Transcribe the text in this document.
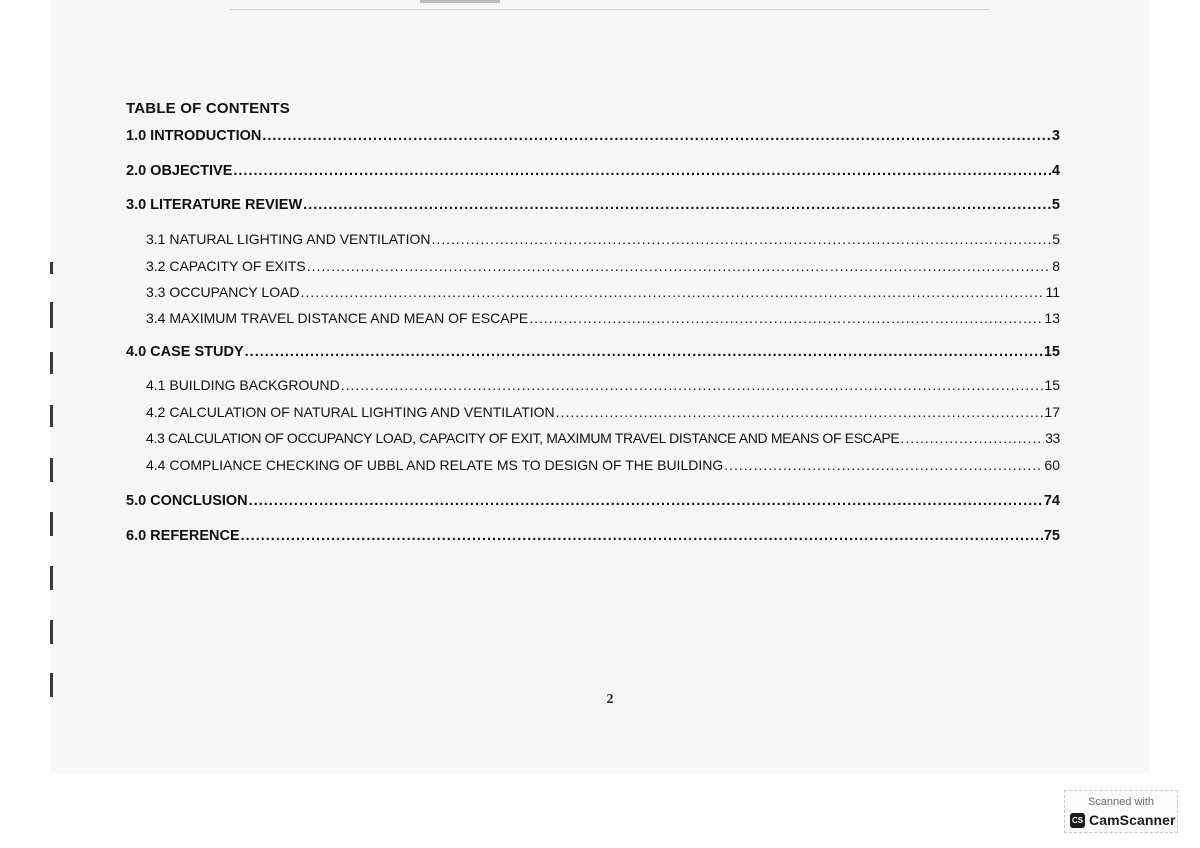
TABLE OF CONTENTS
1.0 INTRODUCTION .....	3
2.0 OBJECTIVE .....	4
3.0 LITERATURE REVIEW .....	5
3.1 NATURAL LIGHTING AND VENTILATION .....	5
3.2 CAPACITY OF EXITS .....	8
3.3 OCCUPANCY LOAD .....	11
3.4 MAXIMUM TRAVEL DISTANCE AND MEAN OF ESCAPE .....	13
4.0 CASE STUDY .....	15
4.1 BUILDING BACKGROUND .....	15
4.2 CALCULATION OF NATURAL LIGHTING AND VENTILATION .....	17
4.3 CALCULATION OF OCCUPANCY LOAD, CAPACITY OF EXIT, MAXIMUM TRAVEL DISTANCE AND MEANS OF ESCAPE .....	33
4.4 COMPLIANCE CHECKING OF UBBL AND RELATE MS TO DESIGN OF THE BUILDING .....	60
5.0 CONCLUSION .....	74
6.0 REFERENCE .....	75
2
Scanned with
CS CamScanner
